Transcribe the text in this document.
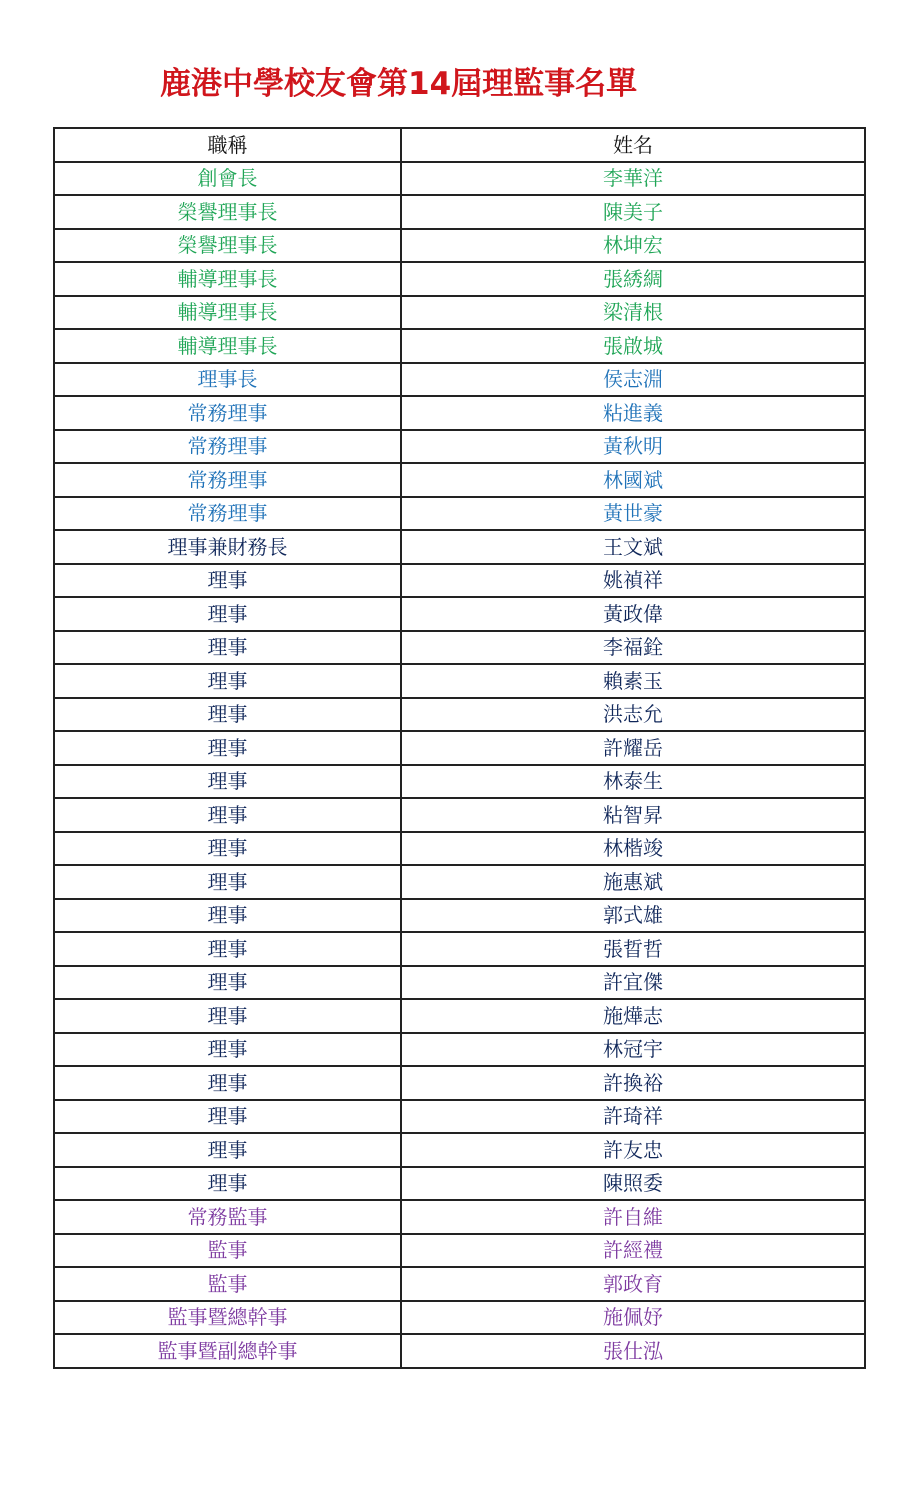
鹿港中學校友會第14屆理監事名單
職稱	姓名
創會長	李華洋
榮譽理事長	陳美子
榮譽理事長	林坤宏
輔導理事長	張綉綢
輔導理事長	梁清根
輔導理事長	張啟城
理事長	侯志淵
常務理事	粘進義
常務理事	黃秋明
常務理事	林國斌
常務理事	黃世豪
理事兼財務長	王文斌
理事	姚禎祥
理事	黃政偉
理事	李福銓
理事	賴素玉
理事	洪志允
理事	許耀岳
理事	林泰生
理事	粘智昇
理事	林楷竣
理事	施惠斌
理事	郭式雄
理事	張晢哲
理事	許宜傑
理事	施燁志
理事	林冠宇
理事	許換裕
理事	許琦祥
理事	許友忠
理事	陳照委
常務監事	許自維
監事	許經禮
監事	郭政育
監事暨總幹事	施佩妤
監事暨副總幹事	張仕泓
